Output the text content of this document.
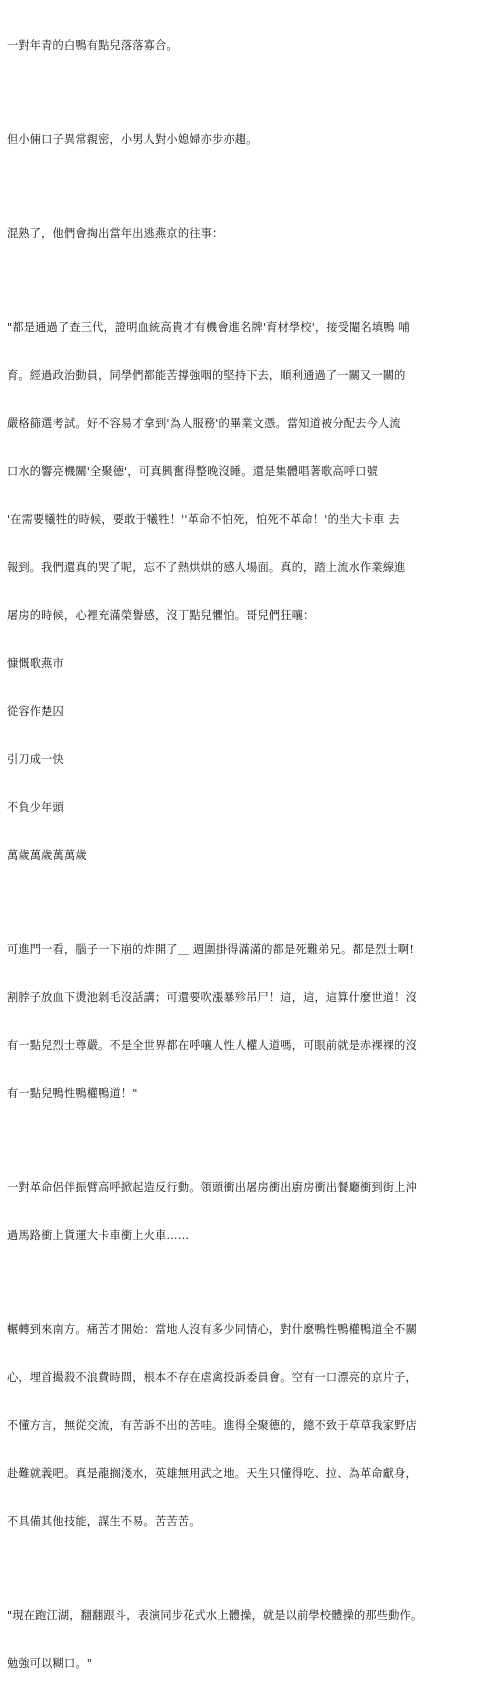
一對年青的白鴨有點兒落落寡合。

但小倆口子異常親密，小男人對小媳婦亦步亦趨。

混熟了，他們會掏出當年出逃燕京的往事：

"都是通過了查三代，證明血統高貴才有機會進名牌'育材學校'，接受閹名填鴨 哺

育。經過政治動員，同學們都能苦撐強咽的堅持下去，順利通過了一關又一關的

嚴格篩選考試。好不容易才拿到'為人服務'的畢業文憑。當知道被分配去今人流

口水的響亮機關'全聚德'，可真興奮得整晚沒睡。還是集體唱著歌高呼口號

'在需要犧牲的時候，要敢于犧牲！''革命不怕死，怕死不革命！'的坐大卡車 去

報到。我們還真的哭了呢，忘不了熱烘烘的感人場面。真的，踏上流水作業線進

屠房的時候，心裡充滿榮譽感，沒丁點兒懼怕。哥兒們狂嚷：

慷慨歌燕市

從容作楚囚

引刀成一快

不負少年頭

萬歲萬歲萬萬歲

可進門一看，腦子一下崩的炸開了＿ 週圍掛得滿滿的都是死難弟兄。都是烈士啊!

割脖子放血下燙池剝毛沒話講；可還要吹漲暴殄吊尸！這，這，這算什麼世道！沒

有一點兒烈士尊嚴。不是全世界都在呼嚷人性人權人道嗎，可眼前就是赤裸裸的沒

有一點兒鴨性鴨權鴨道！"

一對革命侶伴振臂高呼掀起造反行動。領頭衝出屠房衝出廚房衝出餐廳衝到街上沖

過馬路衝上貨運大卡車衝上火車……

輾轉到來南方。痛苦才開始：當地人沒有多少同情心，對什麼鴨性鴨權鴨道全不關

心，埋首撮殺不浪費時間，根本不存在虐禽投訴委員會。空有一口漂亮的京片子，

不懂方言，無從交流，有苦訴不出的苦哇。進得全聚德的，總不致于草草我家野店

赴難就義吧。真是龍搁淺水，英雄無用武之地。天生只懂得吃、拉、為革命獻身，

不具備其他技能，謀生不易。苦苦苦。

"現在跑江湖，翻翻跟斗，表演同步花式水上體操，就是以前學校體操的那些動作。

勉強可以糊口。"
